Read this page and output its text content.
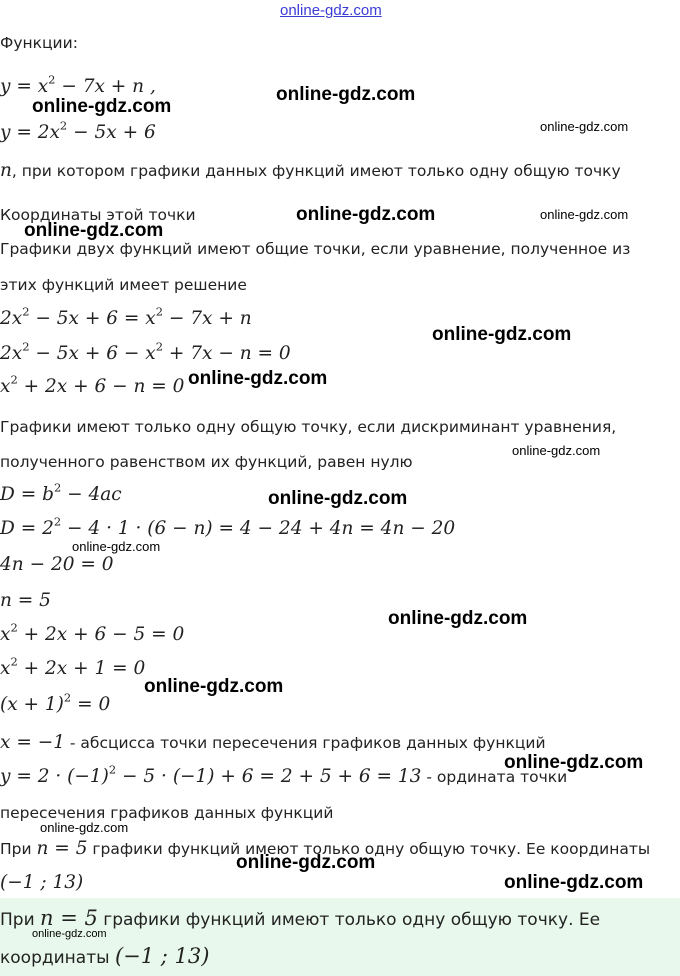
online-gdz.com
Функции:
$y = x^2 - 7x + n$ ,
$y = 2x^2 - 5x + 6$
n, при котором графики данных функций имеют только одну общую точку
Координаты этой точки
Графики двух функций имеют общие точки, если уравнение, полученное из
этих функций имеет решение
$2x^2 - 5x + 6 = x^2 - 7x + n$
$2x^2 - 5x + 6 - x^2 + 7x - n = 0$
$x^2 + 2x + 6 - n = 0$
Графики имеют только одну общую точку, если дискриминант уравнения,
полученного равенством их функций, равен нулю
$D = b^2 - 4ac$
$D = 2^2 - 4 \cdot 1 \cdot (6 - n) = 4 - 24 + 4n = 4n - 20$
4n − 20 = 0
n = 5
$x^2 + 2x + 6 - 5 = 0$
$x^2 + 2x + 1 = 0$
$(x + 1)^2 = 0$
x = −1 - абсцисса точки пересечения графиков данных функций
$y = 2 \cdot (-1)^2 - 5 \cdot (-1) + 6 = 2 + 5 + 6 = 13$ - ордината точки
пересечения графиков данных функций
При n = 5 графики функций имеют только одну общую точку. Ее координаты
(−1 ; 13)
При n = 5 графики функций имеют только одну общую точку. Ее
координаты (−1 ; 13)
online-gdz.com
online-gdz.com
online-gdz.com
online-gdz.com	online-gdz.com
online-gdz.com
online-gdz.com
online-gdz.com
online-gdz.com
online-gdz.com
online-gdz.com
online-gdz.com
online-gdz.com
online-gdz.com
online-gdz.com
online-gdz.com
online-gdz.com
online-gdz.com
